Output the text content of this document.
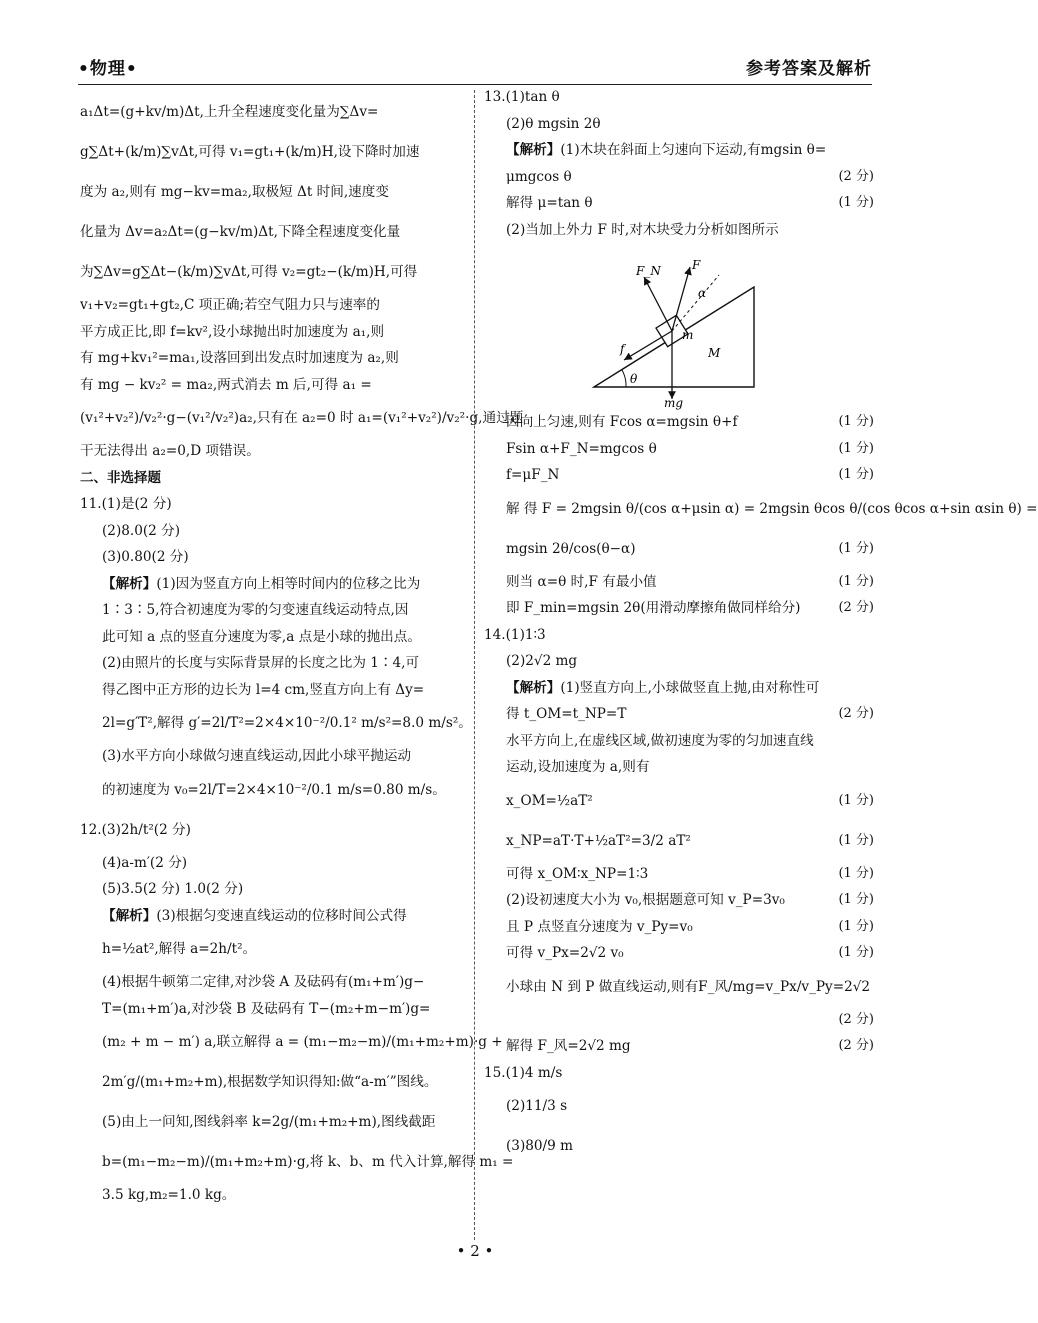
•物理•	参考答案及解析
a₁Δt=(g+kv/m)Δt,上升全程速度变化量为∑Δv=
g∑Δt+(k/m)∑vΔt,可得 v₁=gt₁+(k/m)H,设下降时加速
度为 a₂,则有 mg−kv=ma₂,取极短 Δt 时间,速度变
化量为 Δv=a₂Δt=(g−kv/m)Δt,下降全程速度变化量
为∑Δv=g∑Δt−(k/m)∑vΔt,可得 v₂=gt₂−(k/m)H,可得
v₁+v₂=gt₁+gt₂,C 项正确;若空气阻力只与速率的
平方成正比,即 f=kv²,设小球抛出时加速度为 a₁,则
有 mg+kv₁²=ma₁,设落回到出发点时加速度为 a₂,则
有 mg − kv₂² = ma₂,两式消去 m 后,可得 a₁ =
(v₁²+v₂²)/v₂²·g−(v₁²/v₂²)a₂,只有在 a₂=0 时 a₁=(v₁²+v₂²)/v₂²·g,通过题
干无法得出 a₂=0,D 项错误。
二、非选择题
11.(1)是(2 分)
(2)8.0(2 分)
(3)0.80(2 分)
【解析】(1)因为竖直方向上相等时间内的位移之比为
1∶3∶5,符合初速度为零的匀变速直线运动特点,因
此可知 a 点的竖直分速度为零,a 点是小球的抛出点。
(2)由照片的长度与实际背景屏的长度之比为 1∶4,可
得乙图中正方形的边长为 l=4 cm,竖直方向上有 Δy=
2l=g′T²,解得 g′=2l/T²=2×4×10⁻²/0.1² m/s²=8.0 m/s²。
(3)水平方向小球做匀速直线运动,因此小球平抛运动
的初速度为 v₀=2l/T=2×4×10⁻²/0.1 m/s=0.80 m/s。
12.(3)2h/t²(2 分)
(4)a-m′(2 分)
(5)3.5(2 分) 1.0(2 分)
【解析】(3)根据匀变速直线运动的位移时间公式得
h=½at²,解得 a=2h/t²。
(4)根据牛顿第二定律,对沙袋 A 及砝码有(m₁+m′)g−
T=(m₁+m′)a,对沙袋 B 及砝码有 T−(m₂+m−m′)g=
(m₂ + m − m′) a,联立解得 a = (m₁−m₂−m)/(m₁+m₂+m)·g +
2m′g/(m₁+m₂+m),根据数学知识得知:做“a-m′”图线。
(5)由上一问知,图线斜率 k=2g/(m₁+m₂+m),图线截距
b=(m₁−m₂−m)/(m₁+m₂+m)·g,将 k、b、m 代入计算,解得 m₁ =
3.5 kg,m₂=1.0 kg。
13.(1)tan θ
(2)θ mgsin 2θ
【解析】(1)木块在斜面上匀速向下运动,有mgsin θ=
μmgcos θ	(2 分)
解得 μ=tan θ	(1 分)
(2)当加上外力 F 时,对木块受力分析如图所示
F_N	F
α
m
f	M
θ
mg
因向上匀速,则有 Fcos α=mgsin θ+f	(1 分)
Fsin α+F_N=mgcos θ	(1 分)
f=μF_N	(1 分)
解 得 F = 2mgsin θ/(cos α+μsin α) = 2mgsin θcos θ/(cos θcos α+sin αsin θ) =
mgsin 2θ/cos(θ−α)	(1 分)
则当 α=θ 时,F 有最小值	(1 分)
即 F_min=mgsin 2θ(用滑动摩擦角做同样给分)	(2 分)
14.(1)1∶3
(2)2√2 mg
【解析】(1)竖直方向上,小球做竖直上抛,由对称性可
得 t_OM=t_NP=T	(2 分)
水平方向上,在虚线区域,做初速度为零的匀加速直线
运动,设加速度为 a,则有
x_OM=½aT²	(1 分)
x_NP=aT·T+½aT²=3/2 aT²	(1 分)
可得 x_OM∶x_NP=1∶3	(1 分)
(2)设初速度大小为 v₀,根据题意可知 v_P=3v₀	(1 分)
且 P 点竖直分速度为 v_Py=v₀	(1 分)
可得 v_Px=2√2 v₀	(1 分)
小球由 N 到 P 做直线运动,则有F_风/mg=v_Px/v_Py=2√2
(2 分)
解得 F_风=2√2 mg	(2 分)
15.(1)4 m/s
(2)11/3 s
(3)80/9 m
• 2 •
